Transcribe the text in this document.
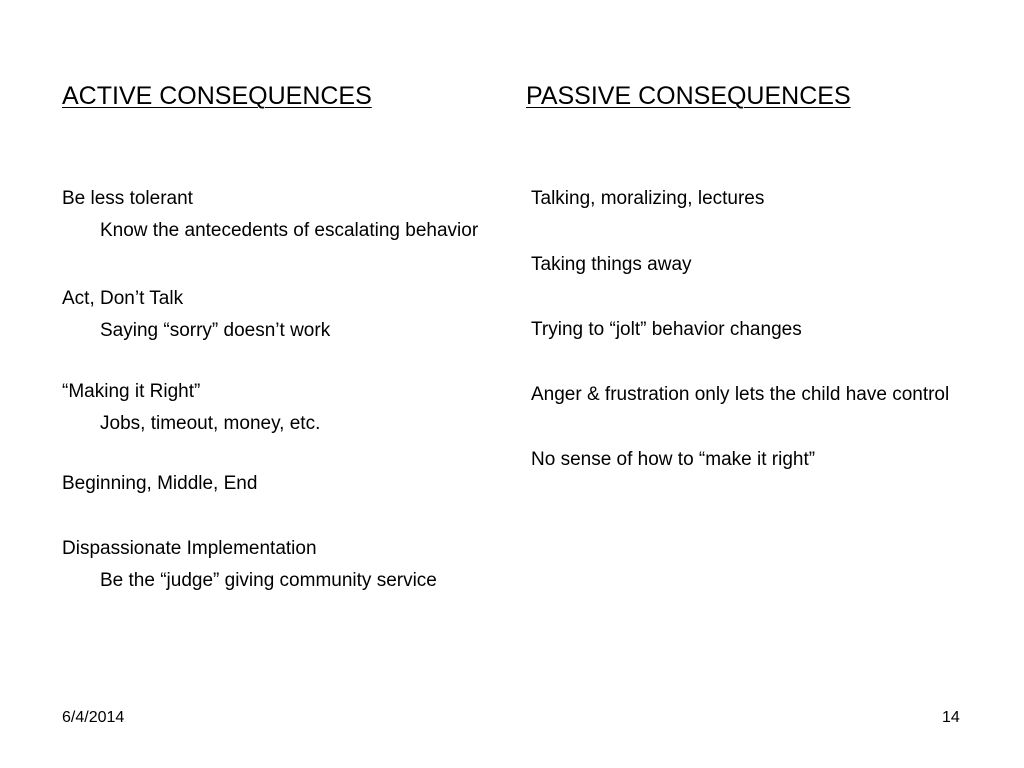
ACTIVE CONSEQUENCES	PASSIVE CONSEQUENCES
Be less tolerant
Know the antecedents of escalating behavior
Act, Don’t Talk
Saying “sorry” doesn’t work
“Making it Right”
Jobs, timeout, money, etc.
Beginning, Middle, End
Dispassionate Implementation
Be the “judge” giving community service
Talking, moralizing, lectures
Taking things away
Trying to “jolt” behavior changes
Anger & frustration only lets the child have control
No sense of how to “make it right”
6/4/2014	14
